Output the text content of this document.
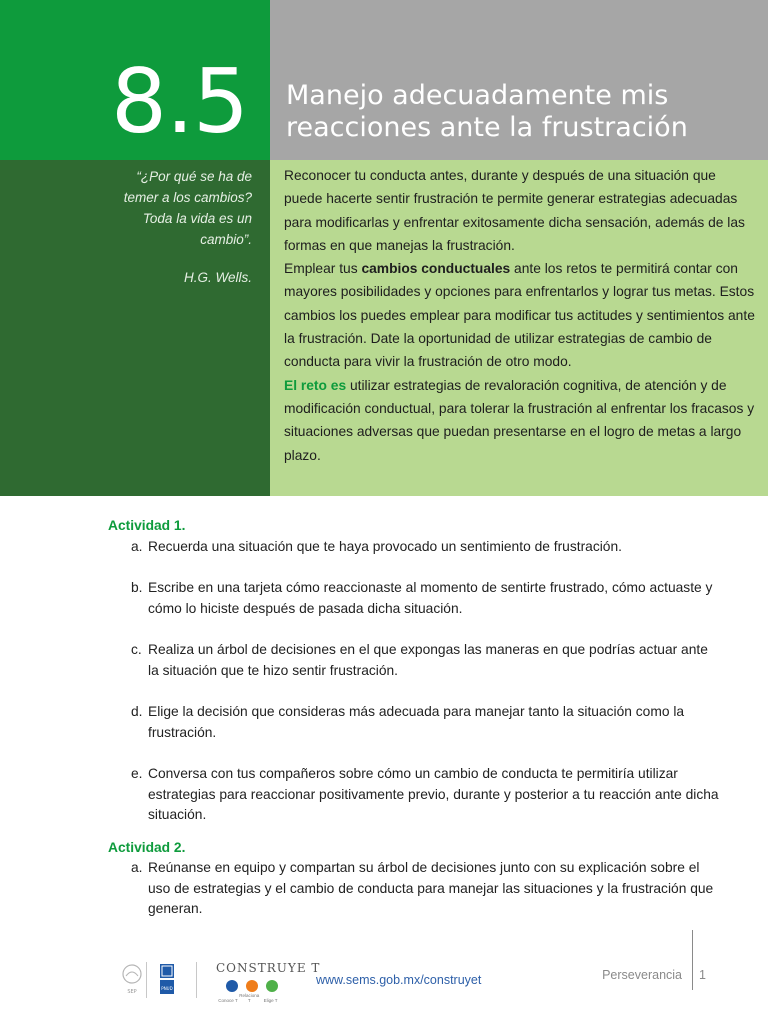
8.5 Manejo adecuadamente mis
reacciones ante la frustración
“¿Por qué se ha de
temer a los cambios?
Toda la vida es un
cambio”.
H.G. Wells.

Reconocer tu conducta antes, durante y después de una situación que puede hacerte sentir frustración te permite generar estrategias adecuadas para modificarlas y enfrentar exitosamente dicha sensación, además de las formas en que manejas la frustración.

Emplear tus cambios conductuales ante los retos te permitirá contar con mayores posibilidades y opciones para enfrentarlos y lograr tus metas. Estos cambios los puedes emplear para modificar tus actitudes y sentimientos ante la frustración. Date la oportunidad de utilizar estrategias de cambio de conducta para vivir la frustración de otro modo.

El reto es utilizar estrategias de revaloración cognitiva, de atención y de modificación conductual, para tolerar la frustración al enfrentar los fracasos y situaciones adversas que puedan presentarse en el logro de metas a largo plazo.

Actividad 1.

a. Recuerda una situación que te haya provocado un sentimiento de frustración.
b. Escribe en una tarjeta cómo reaccionaste al momento de sentirte frustrado, cómo actuaste y cómo lo hiciste después de pasada dicha situación.
c. Realiza un árbol de decisiones en el que expongas las maneras en que podrías actuar ante la situación que te hizo sentir frustración.
d. Elige la decisión que consideras más adecuada para manejar tanto la situación como la frustración.
e. Conversa con tus compañeros sobre cómo un cambio de conducta te permitiría utilizar estrategias para reaccionar positivamente previo, durante y posterior a tu reacción ante dicha situación.

Actividad 2.

a. Reúnanse en equipo y compartan su árbol de decisiones junto con su explicación sobre el uso de estrategias y el cambio de conducta para manejar las situaciones y la frustración que generan.
SEP
PNUD
CONSTRUYE T
Conoce T Relaciona T	Elige T
www.sems.gob.mx/construyet	Perseverancia 1
